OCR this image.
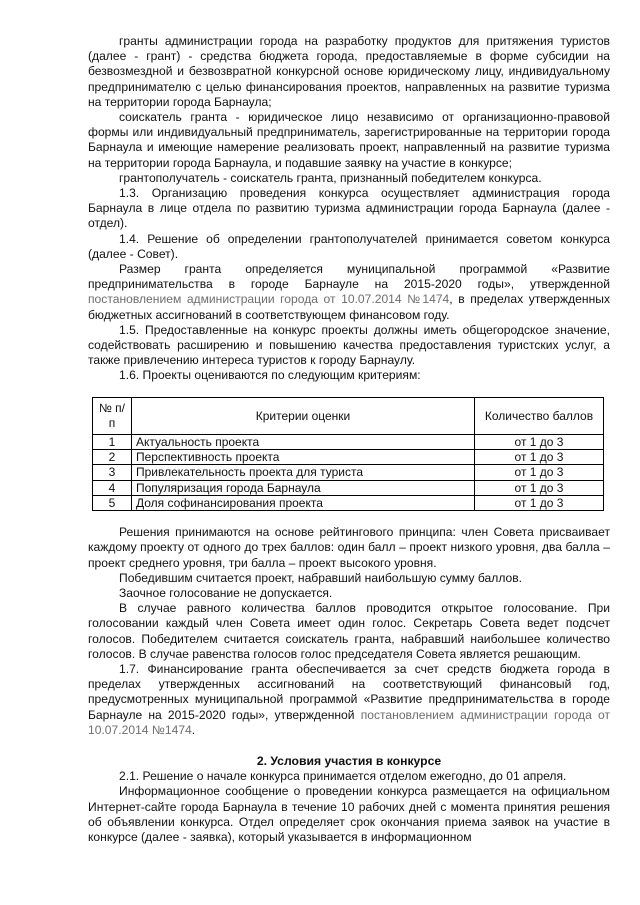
гранты администрации города на разработку продуктов для притяжения туристов (далее - грант) - средства бюджета города, предоставляемые в форме субсидии на безвозмездной и безвозвратной конкурсной основе юридическому лицу, индивидуальному предпринимателю с целью финансирования проектов, направленных на развитие туризма на территории города Барнаула;

соискатель гранта - юридическое лицо независимо от организационно-правовой формы или индивидуальный предприниматель, зарегистрированные на территории города Барнаула и имеющие намерение реализовать проект, направленный на развитие туризма на территории города Барнаула, и подавшие заявку на участие в конкурсе;

грантополучатель - соискатель гранта, признанный победителем конкурса.

1.3. Организацию проведения конкурса осуществляет администрация города Барнаула в лице отдела по развитию туризма администрации города Барнаула (далее - отдел).

1.4. Решение об определении грантополучателей принимается советом конкурса (далее - Совет).

Размер гранта определяется муниципальной программой «Развитие предпринимательства в городе Барнауле на 2015-2020 годы», утвержденной постановлением администрации города от 10.07.2014 №1474, в пределах утвержденных бюджетных ассигнований в соответствующем финансовом году.

1.5. Предоставленные на конкурс проекты должны иметь общегородское значение, содействовать расширению и повышению качества предоставления туристских услуг, а также привлечению интереса туристов к городу Барнаулу.

1.6. Проекты оцениваются по следующим критериям:

№ п/п	Критерии оценки	Количество баллов
1	Актуальность проекта	от 1 до 3
2	Перспективность проекта	от 1 до 3
3	Привлекательность проекта для туриста	от 1 до 3
4	Популяризация города Барнаула	от 1 до 3
5	Доля софинансирования проекта	от 1 до 3

Решения принимаются на основе рейтингового принципа: член Совета присваивает каждому проекту от одного до трех баллов: один балл – проект низкого уровня, два балла – проект среднего уровня, три балла – проект высокого уровня.

Победившим считается проект, набравший наибольшую сумму баллов.

Заочное голосование не допускается.

В случае равного количества баллов проводится открытое голосование. При голосовании каждый член Совета имеет один голос. Секретарь Совета ведет подсчет голосов. Победителем считается соискатель гранта, набравший наибольшее количество голосов. В случае равенства голосов голос председателя Совета является решающим.

1.7. Финансирование гранта обеспечивается за счет средств бюджета города в пределах утвержденных ассигнований на соответствующий финансовый год, предусмотренных муниципальной программой «Развитие предпринимательства в городе Барнауле на 2015-2020 годы», утвержденной постановлением администрации города от 10.07.2014 №1474.

2. Условия участия в конкурсе

2.1. Решение о начале конкурса принимается отделом ежегодно, до 01 апреля.

Информационное сообщение о проведении конкурса размещается на официальном Интернет-сайте города Барнаула в течение 10 рабочих дней с момента принятия решения об объявлении конкурса. Отдел определяет срок окончания приема заявок на участие в конкурсе (далее - заявка), который указывается в информационном
